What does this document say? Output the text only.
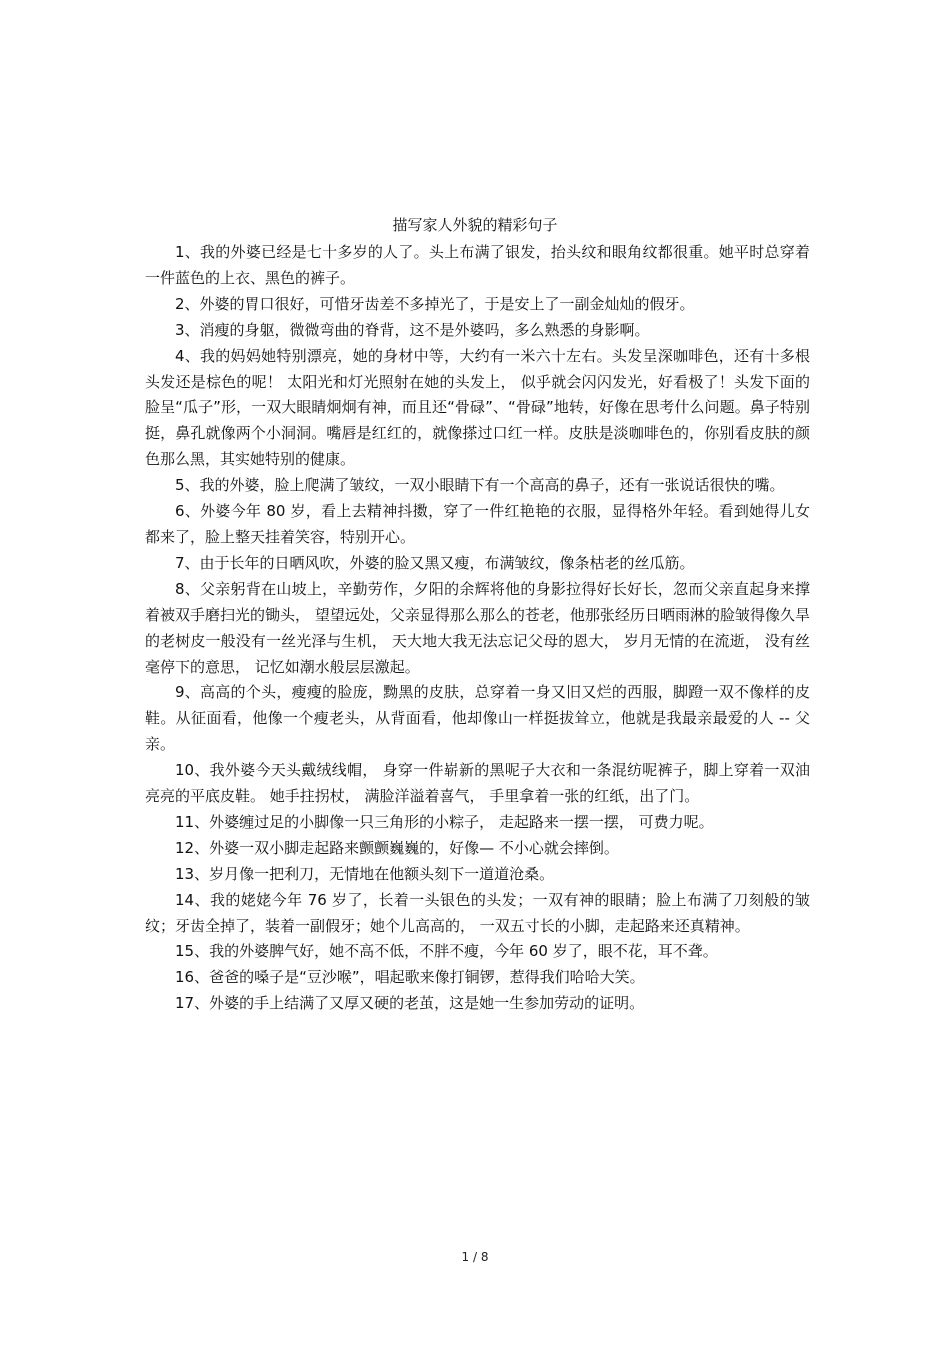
描写家人外貌的精彩句子

1、我的外婆已经是七十多岁的人了。头上布满了银发，抬头纹和眼角纹都很重。她平时总穿着一件蓝色的上衣、黑色的裤子。

2、外婆的胃口很好，可惜牙齿差不多掉光了，于是安上了一副金灿灿的假牙。

3、消瘦的身躯，微微弯曲的脊背，这不是外婆吗，多么熟悉的身影啊。

4、我的妈妈她特别漂亮，她的身材中等，大约有一米六十左右。头发呈深咖啡色，还有十多根头发还是棕色的呢！ 太阳光和灯光照射在她的头发上， 似乎就会闪闪发光，好看极了！头发下面的脸呈“瓜子”形，一双大眼睛炯炯有神，而且还“骨碌”、“骨碌”地转，好像在思考什么问题。鼻子特别挺，鼻孔就像两个小洞洞。嘴唇是红红的，就像搽过口红一样。皮肤是淡咖啡色的，你别看皮肤的颜色那么黑，其实她特别的健康。

5、我的外婆，脸上爬满了皱纹，一双小眼睛下有一个高高的鼻子，还有一张说话很快的嘴。

6、外婆今年 80 岁，看上去精神抖擞，穿了一件红艳艳的衣服，显得格外年轻。看到她得儿女都来了，脸上整天挂着笑容，特别开心。

7、由于长年的日晒风吹，外婆的脸又黑又瘦，布满皱纹，像条枯老的丝瓜筋。

8、父亲躬背在山坡上，辛勤劳作，夕阳的余辉将他的身影拉得好长好长，忽而父亲直起身来撑着被双手磨扫光的锄头， 望望远处，父亲显得那么那么的苍老，他那张经历日晒雨淋的脸皱得像久旱的老树皮一般没有一丝光泽与生机， 天大地大我无法忘记父母的恩大， 岁月无情的在流逝， 没有丝毫停下的意思， 记忆如潮水般层层激起。

9、高高的个头，瘦瘦的脸庞，黝黑的皮肤，总穿着一身又旧又烂的西服，脚蹬一双不像样的皮鞋。从征面看，他像一个瘦老头，从背面看，他却像山一样挺拔耸立，他就是我最亲最爱的人 -- 父亲。

10、我外婆今天头戴绒线帽， 身穿一件崭新的黑呢子大衣和一条混纺呢裤子，脚上穿着一双油亮亮的平底皮鞋。 她手拄拐杖， 满脸洋溢着喜气， 手里拿着一张的红纸，出了门。

11、外婆缠过足的小脚像一只三角形的小粽子， 走起路来一摆一摆， 可费力呢。

12、外婆一双小脚走起路来颤颤巍巍的，好像— 不小心就会摔倒。

13、岁月像一把利刀，无情地在他额头刻下一道道沧桑。

14、我的姥姥今年 76 岁了，长着一头银色的头发；一双有神的眼睛；脸上布满了刀刻般的皱纹；牙齿全掉了，装着一副假牙；她个儿高高的， 一双五寸长的小脚，走起路来还真精神。

15、我的外婆脾气好，她不高不低，不胖不瘦，今年 60 岁了，眼不花，耳不聋。

16、爸爸的嗓子是“豆沙喉”，唱起歌来像打铜锣，惹得我们哈哈大笑。

17、外婆的手上结满了又厚又硬的老茧，这是她一生参加劳动的证明。

1 / 8
